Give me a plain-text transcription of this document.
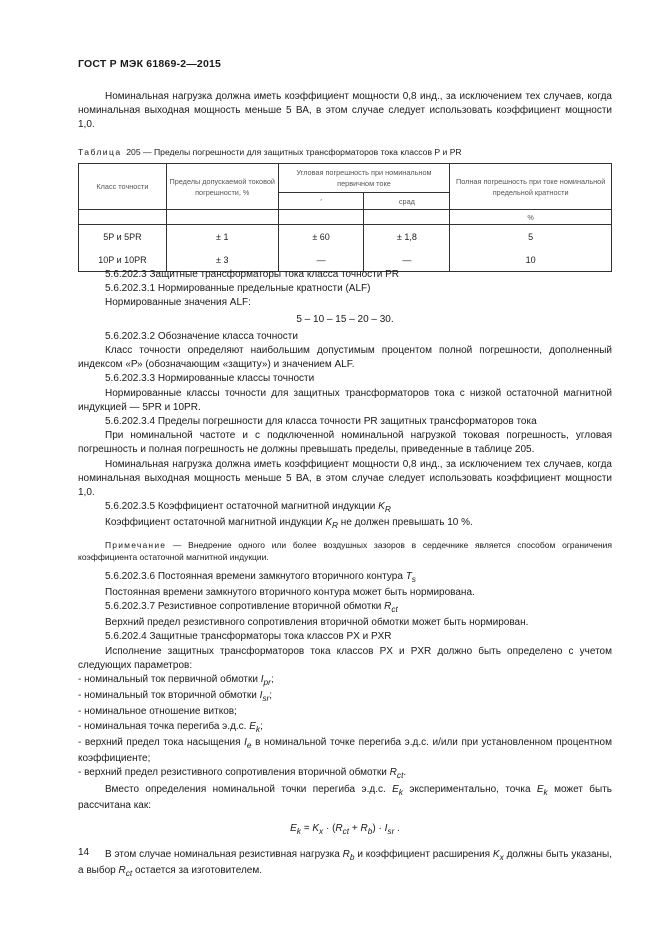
ГОСТ Р МЭК 61869-2—2015

Номинальная нагрузка должна иметь коэффициент мощности 0,8 инд., за исключением тех случаев, когда номинальная выходная мощность меньше 5 ВА, в этом случае следует использовать коэффициент мощности 1,0.

Таблица 205 — Пределы погрешности для защитных трансформаторов тока классов Р и PR
Класс точности	Пределы допускаемой токовой погрешности, %	Угловая погрешность при номинальном первичном токе		Полная погрешность при токе номинальной предельной кратности
		′	срад	
				%
5P и 5PR	± 1	± 60	± 1,8	5
10P и 10PR	± 3	—	—	10

5.6.202.3 Защитные трансформаторы тока класса точности PR

5.6.202.3.1 Нормированные предельные кратности (ALF)

Нормированные значения ALF:

5 – 10 – 15 – 20 – 30.

5.6.202.3.2 Обозначение класса точности

Класс точности определяют наибольшим допустимым процентом полной погрешности, дополненный индексом «Р» (обозначающим «защиту») и значением ALF.

5.6.202.3.3 Нормированные классы точности

Нормированные классы точности для защитных трансформаторов тока с низкой остаточной магнитной индукцией — 5PR и 10PR.

5.6.202.3.4 Пределы погрешности для класса точности PR защитных трансформаторов тока

При номинальной частоте и с подключенной номинальной нагрузкой токовая погрешность, угловая погрешность и полная погрешность не должны превышать пределы, приведенные в таблице 205.

Номинальная нагрузка должна иметь коэффициент мощности 0,8 инд., за исключением тех случаев, когда номинальная выходная мощность меньше 5 ВА, в этом случае следует использовать коэффициент мощности 1,0.

5.6.202.3.5 Коэффициент остаточной магнитной индукции $K_R$

Коэффициент остаточной магнитной индукции $K_R$ не должен превышать 10 %.

Примечание — Внедрение одного или более воздушных зазоров в сердечнике является способом ограничения коэффициента остаточной магнитной индукции.

5.6.202.3.6 Постоянная времени замкнутого вторичного контура $T_s$

Постоянная времени замкнутого вторичного контура может быть нормирована.

5.6.202.3.7 Резистивное сопротивление вторичной обмотки $R_{ct}$

Верхний предел резистивного сопротивления вторичной обмотки может быть нормирован.

5.6.202.4 Защитные трансформаторы тока классов PX и PXR

Исполнение защитных трансформаторов тока классов PX и PXR должно быть определено с учетом следующих параметров:

- номинальный ток первичной обмотки $I_{pr}$;

- номинальный ток вторичной обмотки $I_{sr}$;

- номинальное отношение витков;

- номинальная точка перегиба э.д.с. $E_k$;

- верхний предел тока насыщения $I_e$ в номинальной точке перегиба э.д.с. и/или при установленном процентном коэффициенте;

- верхний предел резистивного сопротивления вторичной обмотки $R_{ct}$.

Вместо определения номинальной точки перегиба э.д.с. $E_k$ экспериментально, точка $E_k$ может быть рассчитана как:

$E_k = K_x \cdot (R_{ct} + R_b) \cdot I_{sr}$ .

В этом случае номинальная резистивная нагрузка $R_b$ и коэффициент расширения $K_x$ должны быть указаны, а выбор $R_{ct}$ остается за изготовителем.

14
